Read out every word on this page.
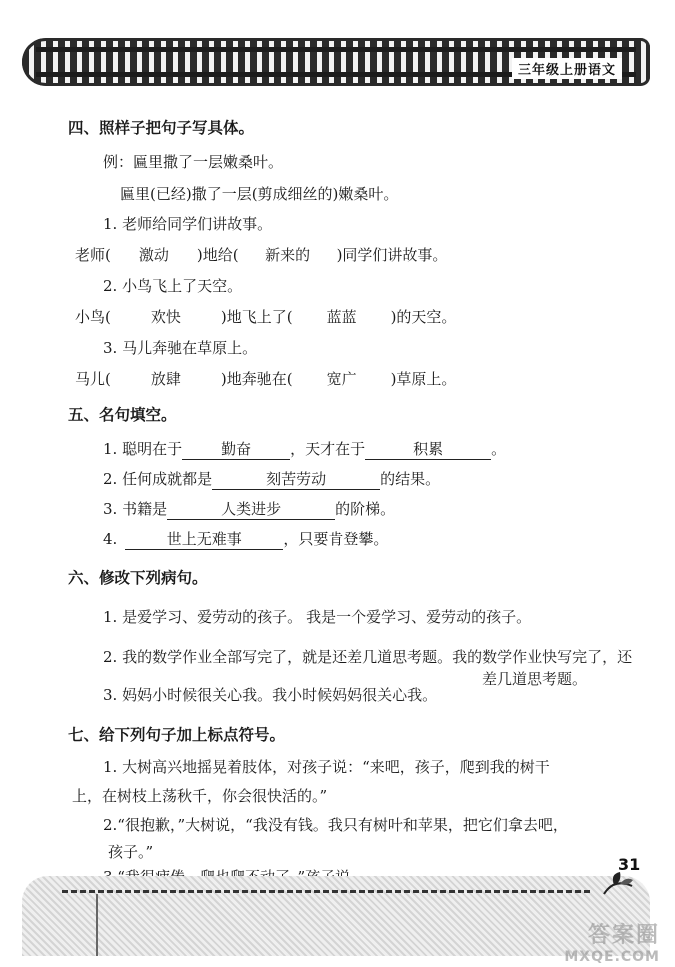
三年级上册语文
四、照样子把句子写具体。
例：匾里撒了一层嫩桑叶。
匾里(已经)撒了一层(剪成细丝的)嫩桑叶。
1. 老师给同学们讲故事。
老师( 激动 )地给( 新来的 )同学们讲故事。
2. 小鸟飞上了天空。
小鸟(	欢快	)地飞上了( 蓝蓝 )的天空。
3. 马儿奔驰在草原上。
马儿(	放肆	)地奔驰在( 宽广 )草原上。
五、名句填空。
1. 聪明在于	勤奋	，天才在于	积累	。
2. 任何成就都是	刻苦劳动	的结果。
3. 书籍是	人类进步	的阶梯。
4.	世上无难事	，只要肯登攀。
六、修改下列病句。
1. 是爱学习、爱劳动的孩子。 我是一个爱学习、爱劳动的孩子。
2. 我的数学作业全部写完了，就是还差几道思考题。我的数学作业快写完了，还
3. 妈妈小时候很关心我。我小时候妈妈很关心我。
差几道思考题。
七、给下列句子加上标点符号。
1. 大树高兴地摇晃着肢体，对孩子说：“来吧，孩子，爬到我的树干
上，在树枝上荡秋千，你会很快活的。”
2.“很抱歉，”大树说，“我没有钱。我只有树叶和苹果，把它们拿去吧，
孩子。”
31
答案圈
MXQE.COM
